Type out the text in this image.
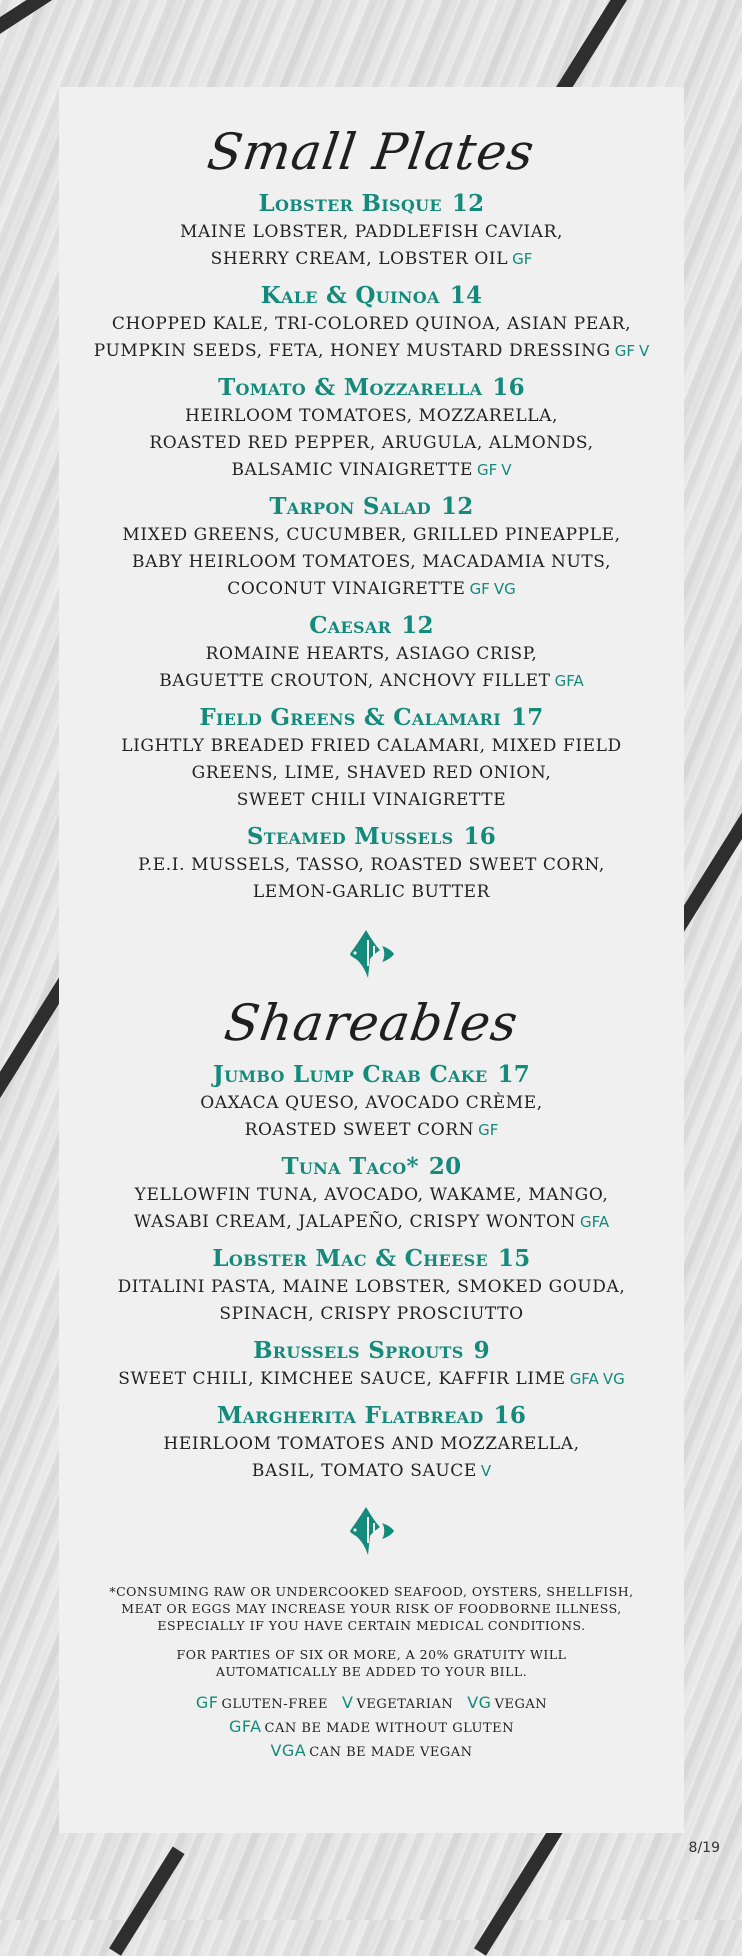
Small Plates
Lobster Bisque 12
MAINE LOBSTER, PADDLEFISH CAVIAR,
SHERRY CREAM, LOBSTER OIL GF
Kale & Quinoa 14
CHOPPED KALE, TRI-COLORED QUINOA, ASIAN PEAR,
PUMPKIN SEEDS, FETA, HONEY MUSTARD DRESSING GF V
Tomato & Mozzarella 16
HEIRLOOM TOMATOES, MOZZARELLA,
ROASTED RED PEPPER, ARUGULA, ALMONDS,
BALSAMIC VINAIGRETTE GF V
Tarpon Salad 12
MIXED GREENS, CUCUMBER, GRILLED PINEAPPLE,
BABY HEIRLOOM TOMATOES, MACADAMIA NUTS,
COCONUT VINAIGRETTE GF VG
Caesar 12
ROMAINE HEARTS, ASIAGO CRISP,
BAGUETTE CROUTON, ANCHOVY FILLET GFA
Field Greens & Calamari 17
LIGHTLY BREADED FRIED CALAMARI, MIXED FIELD
GREENS, LIME, SHAVED RED ONION,
SWEET CHILI VINAIGRETTE
Steamed Mussels 16
P.E.I. MUSSELS, TASSO, ROASTED SWEET CORN,
LEMON-GARLIC BUTTER
Shareables
Jumbo Lump Crab Cake 17
OAXACA QUESO, AVOCADO CRÈME,
ROASTED SWEET CORN GF
Tuna Taco* 20
YELLOWFIN TUNA, AVOCADO, WAKAME, MANGO,
WASABI CREAM, JALAPEÑO, CRISPY WONTON GFA
Lobster Mac & Cheese 15
DITALINI PASTA, MAINE LOBSTER, SMOKED GOUDA,
SPINACH, CRISPY PROSCIUTTO
Brussels Sprouts 9
SWEET CHILI, KIMCHEE SAUCE, KAFFIR LIME GFA VG
Margherita Flatbread 16
HEIRLOOM TOMATOES AND MOZZARELLA,
BASIL, TOMATO SAUCE V

*CONSUMING RAW OR UNDERCOOKED SEAFOOD, OYSTERS, SHELLFISH,
MEAT OR EGGS MAY INCREASE YOUR RISK OF FOODBORNE ILLNESS,
ESPECIALLY IF YOU HAVE CERTAIN MEDICAL CONDITIONS.

FOR PARTIES OF SIX OR MORE, A 20% GRATUITY WILL
AUTOMATICALLY BE ADDED TO YOUR BILL.

GF GLUTEN-FREE V VEGETARIAN VG VEGAN
GFA CAN BE MADE WITHOUT GLUTEN
VGA CAN BE MADE VEGAN
8/19
